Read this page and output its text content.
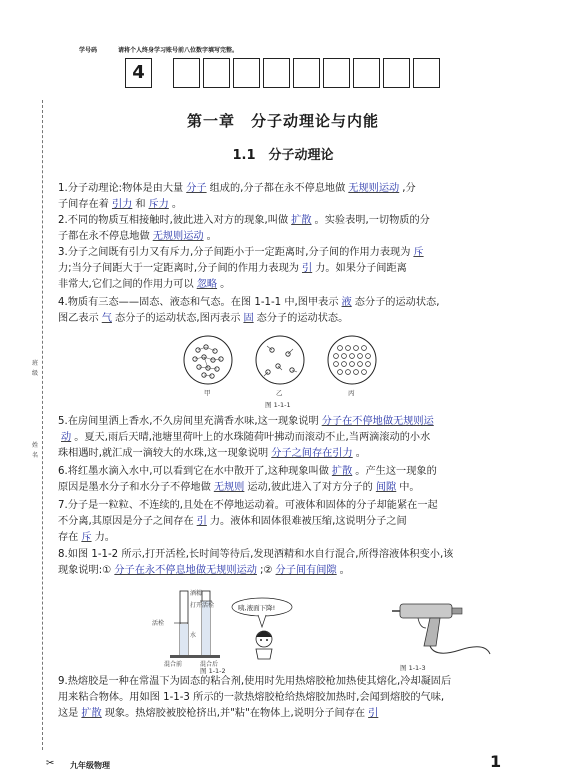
学号码	请将个人终身学习账号前八位数字填写完整。
4
班
级
姓
名
第一章　分子动理论与内能
1.1　分子动理论
1.分子动理论:物体是由大量 分子 组成的,分子都在永不停息地做 无规则运动 ,分
子间存在着 引力 和 斥力 。
2.不同的物质互相接触时,彼此进入对方的现象,叫做 扩散 。实验表明,一切物质的分
子都在永不停息地做 无规则运动 。
3.分子之间既有引力又有斥力,分子间距小于一定距离时,分子间的作用力表现为 斥
力;当分子间距大于一定距离时,分子间的作用力表现为 引 力。如果分子间距离
非常大,它们之间的作用力可以 忽略 。
4.物质有三态——固态、液态和气态。在图 1-1-1 中,图甲表示 液 态分子的运动状态,
图乙表示 气 态分子的运动状态,图丙表示 固 态分子的运动状态。
5.在房间里洒上香水,不久房间里充满香水味,这一现象说明 分子在不停地做无规则运
动 。夏天,雨后天晴,池塘里荷叶上的水珠随荷叶拂动而滚动不止,当两滴滚动的小水
珠相遇时,就汇成一滴较大的水珠,这一现象说明 分子之间存在引力 。
6.将红墨水滴入水中,可以看到它在水中散开了,这种现象叫做 扩散 。产生这一现象的
原因是墨水分子和水分子不停地做 无规则 运动,彼此进入了对方分子的 间隙 中。
7.分子是一粒粒、不连续的,且处在不停地运动着。可液体和固体的分子却能紧在一起
不分离,其原因是分子之间存在 引 力。液体和固体很难被压缩,这说明分子之间
存在 斥 力。
8.如图 1-1-2 所示,打开活栓,长时间等待后,发现酒精和水自行混合,所得溶液体积变小,该
现象说明:① 分子在永不停息地做无规则运动 ;② 分子间有间隙 。
9.热熔胶是一种在常温下为固态的粘合剂,使用时先用热熔胶枪加热使其熔化,冷却凝固后
用来粘合物体。用如图 1-1-3 所示的一款热熔胶枪给热熔胶加热时,会闻到熔胶的气味,
这是 扩散 现象。热熔胶被胶枪挤出,并"粘"在物体上,说明分子间存在 引
甲	乙	丙
图 1-1-1
咦,液面下降!
酒精
打开活栓
活栓
水
混合前	混合后
图 1-1-2	图 1-1-3
✂ 九年级物理	1
